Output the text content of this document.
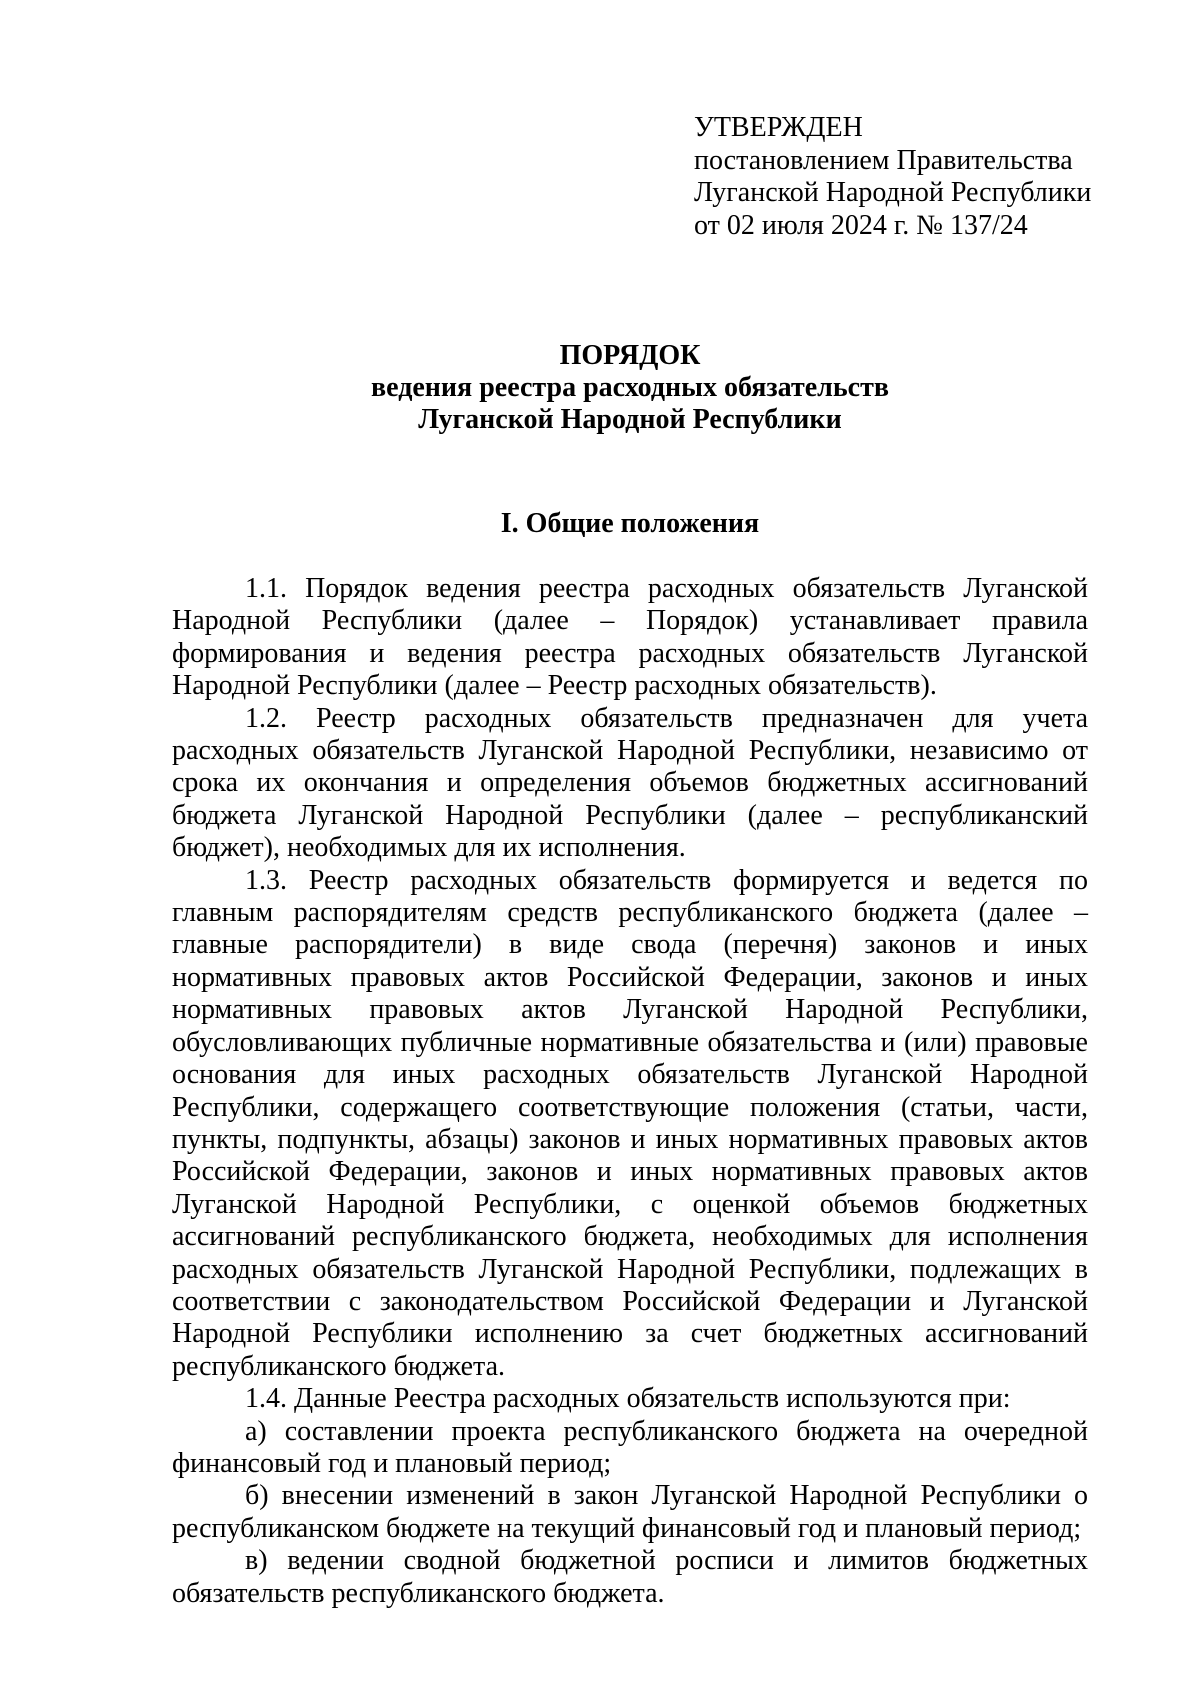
УТВЕРЖДЕН
постановлением Правительства
Луганской Народной Республики
от 02 июля 2024 г. № 137/24
ПОРЯДОК
ведения реестра расходных обязательств
Луганской Народной Республики
I. Общие положения

1.1. Порядок ведения реестра расходных обязательств Луганской Народной Республики (далее – Порядок) устанавливает правила формирования и ведения реестра расходных обязательств Луганской Народной Республики (далее – Реестр расходных обязательств).

1.2. Реестр расходных обязательств предназначен для учета расходных обязательств Луганской Народной Республики, независимо от срока их окончания и определения объемов бюджетных ассигнований бюджета Луганской Народной Республики (далее – республиканский бюджет), необходимых для их исполнения.

1.3. Реестр расходных обязательств формируется и ведется по главным распорядителям средств республиканского бюджета (далее – главные распорядители) в виде свода (перечня) законов и иных нормативных правовых актов Российской Федерации, законов и иных нормативных правовых актов Луганской Народной Республики, обусловливающих публичные нормативные обязательства и (или) правовые основания для иных расходных обязательств Луганской Народной Республики, содержащего соответствующие положения (статьи, части, пункты, подпункты, абзацы) законов и иных нормативных правовых актов Российской Федерации, законов и иных нормативных правовых актов Луганской Народной Республики, с оценкой объемов бюджетных ассигнований республиканского бюджета, необходимых для исполнения расходных обязательств Луганской Народной Республики, подлежащих в соответствии с законодательством Российской Федерации и Луганской Народной Республики исполнению за счет бюджетных ассигнований республиканского бюджета.

1.4. Данные Реестра расходных обязательств используются при:

а) составлении проекта республиканского бюджета на очередной финансовый год и плановый период;

б) внесении изменений в закон Луганской Народной Республики о республиканском бюджете на текущий финансовый год и плановый период;

в) ведении сводной бюджетной росписи и лимитов бюджетных обязательств республиканского бюджета.
